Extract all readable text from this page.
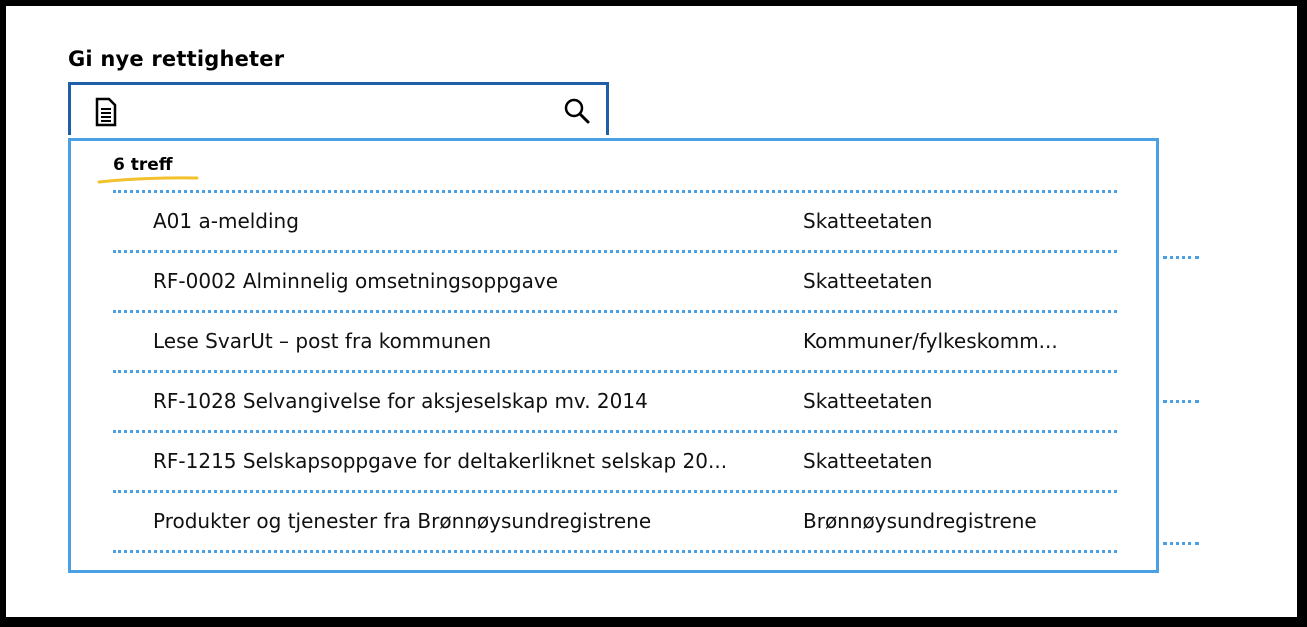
Gi nye rettigheter
6 treff
A01 a-melding	Skatteetaten
RF-0002 Alminnelig omsetningsoppgave	Skatteetaten
Lese SvarUt – post fra kommunen	Kommuner/fylkeskomm...
RF-1028 Selvangivelse for aksjeselskap mv. 2014	Skatteetaten
RF-1215 Selskapsoppgave for deltakerliknet selskap 20...	Skatteetaten
Produkter og tjenester fra Brønnøysundregistrene	Brønnøysundregistrene
